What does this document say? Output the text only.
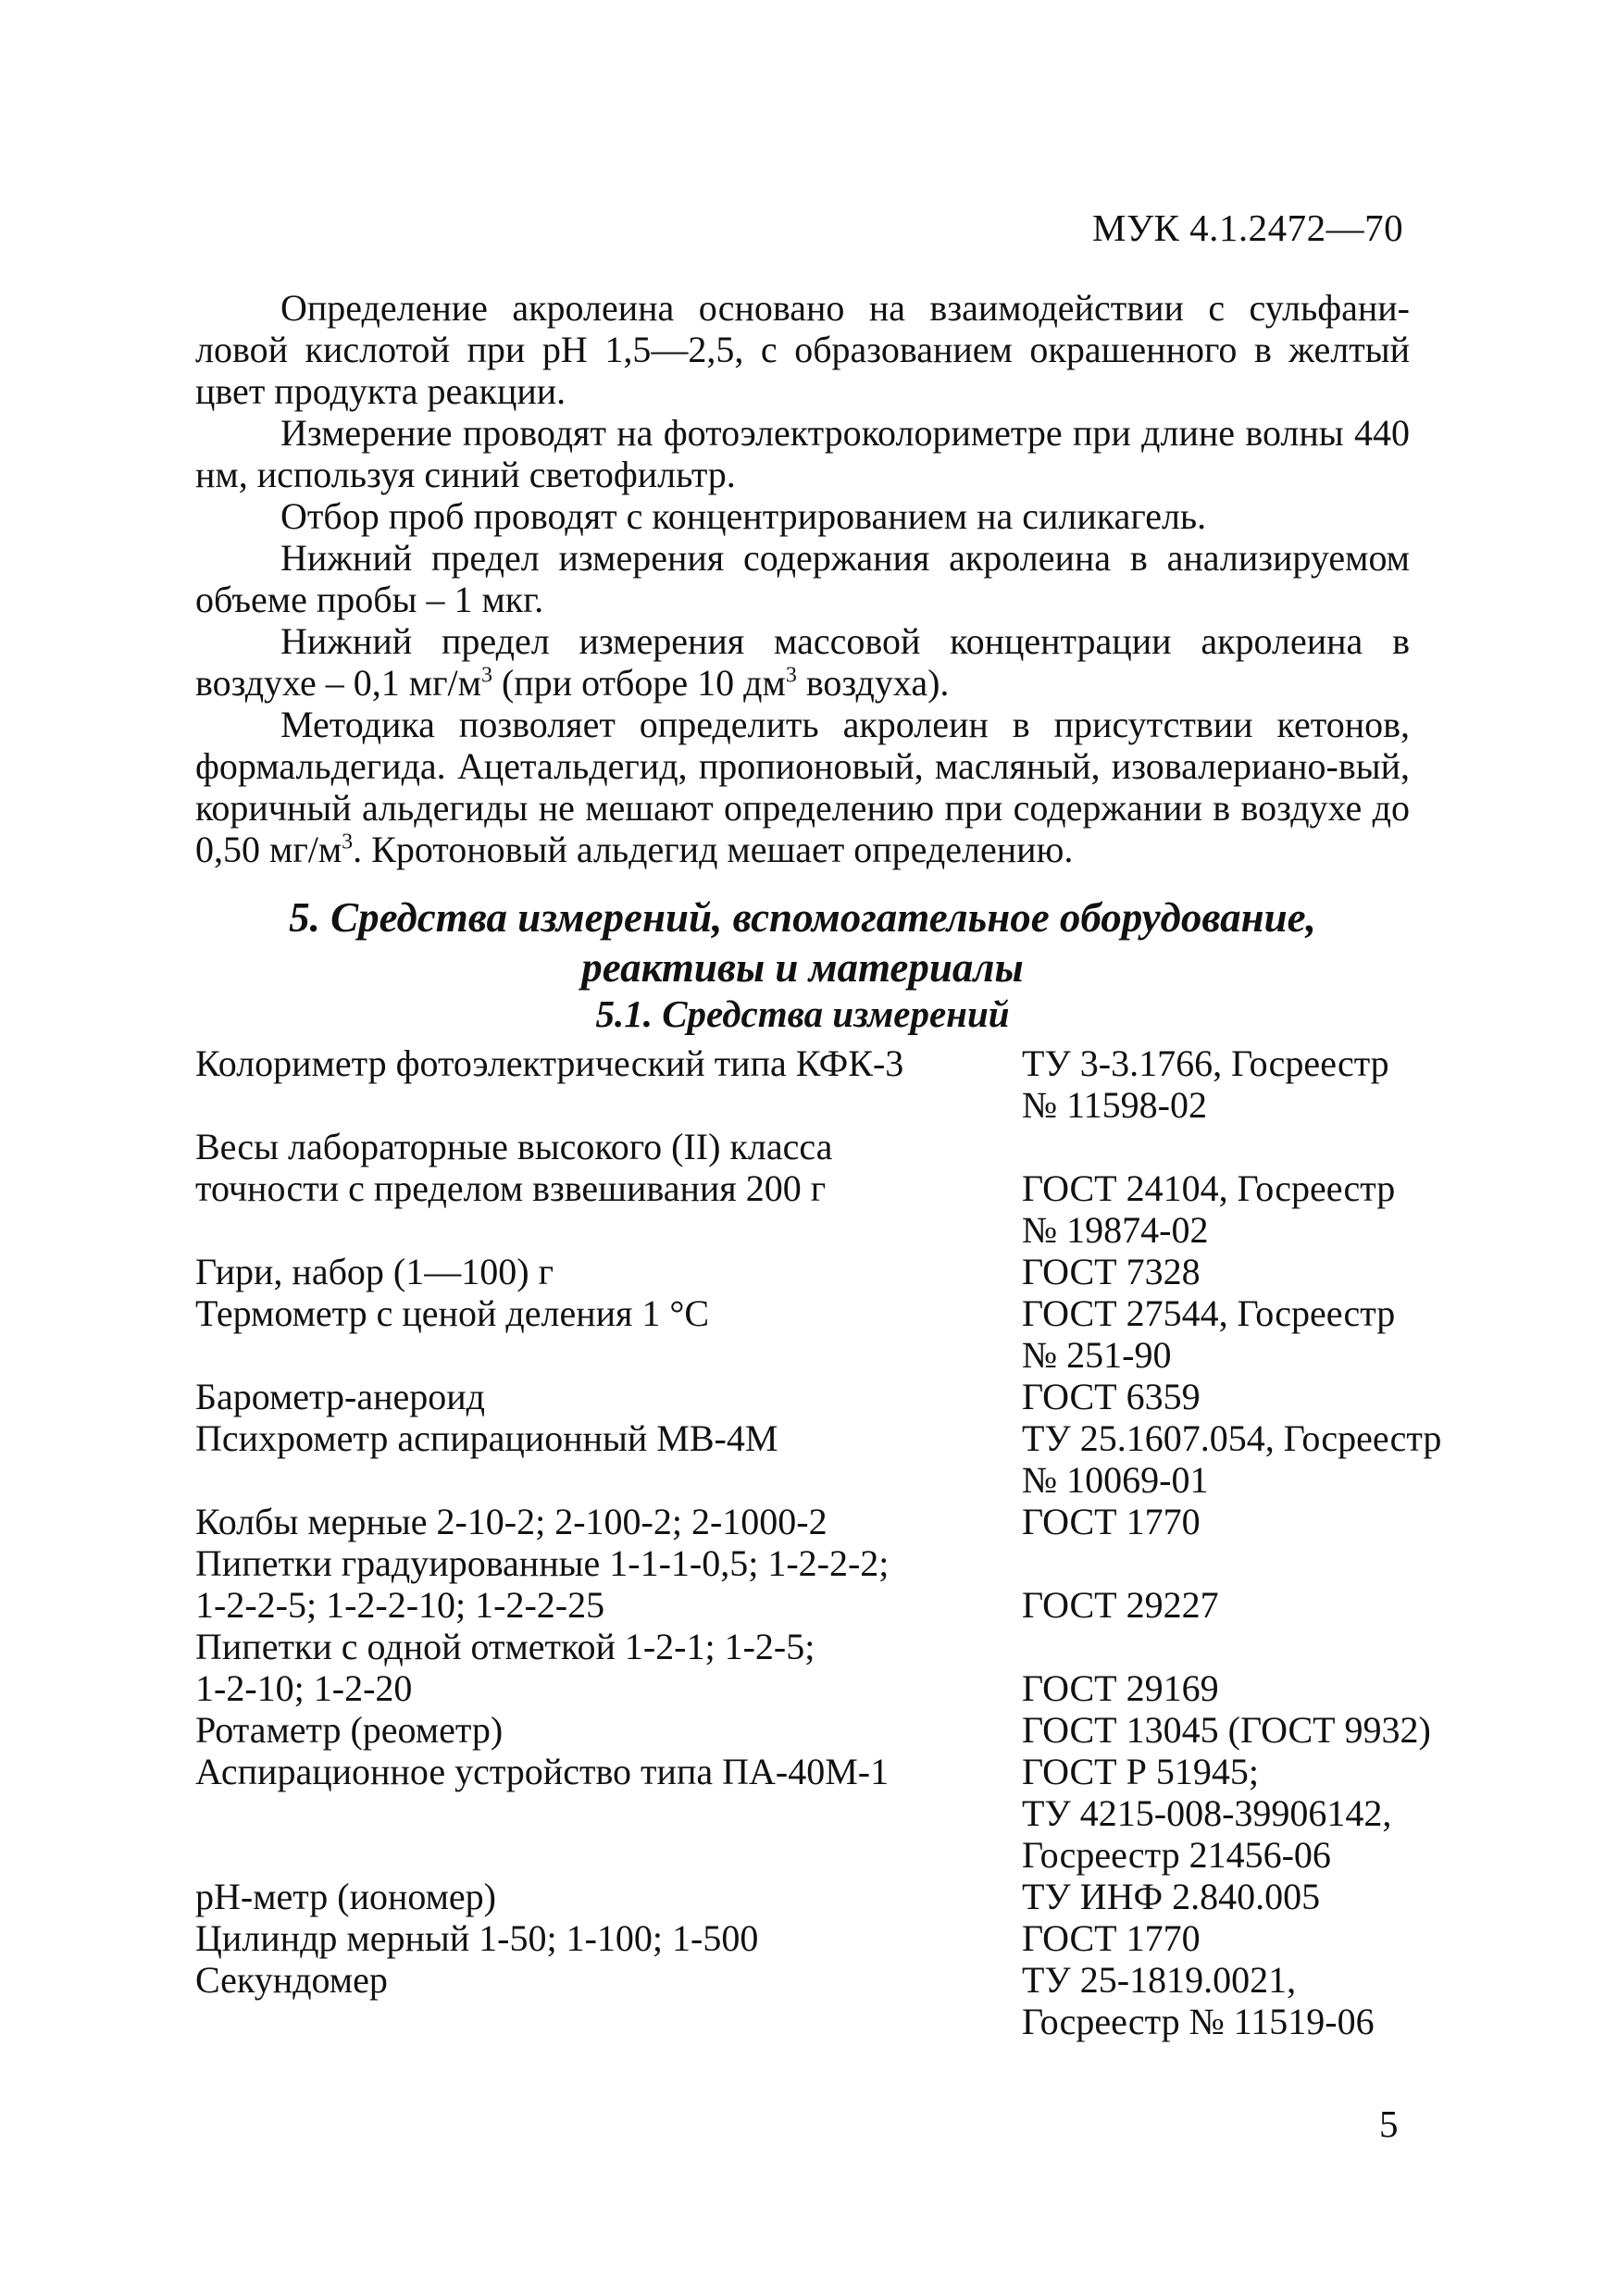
МУК 4.1.2472—70

Определение акролеина основано на взаимодействии с сульфани-ловой кислотой при pH 1,5—2,5, с образованием окрашенного в желтый цвет продукта реакции.

Измерение проводят на фотоэлектроколориметре при длине волны 440 нм, используя синий светофильтр.

Отбор проб проводят с концентрированием на силикагель.

Нижний предел измерения содержания акролеина в анализируемом объеме пробы – 1 мкг.

Нижний предел измерения массовой концентрации акролеина в воздухе – 0,1 $мг/м^3$ (при отборе 10 $дм^3$ воздуха).

Методика позволяет определить акролеин в присутствии кетонов, формальдегида. Ацетальдегид, пропионовый, масляный, изовалериано-вый, коричный альдегиды не мешают определению при содержании в воздухе до 0,50 $мг/м^3$. Кротоновый альдегид мешает определению.

5. Средства измерений, вспомогательное оборудование,
реактивы и материалы
5.1. Средства измерений
Колориметр фотоэлектрический типа КФК-3	ТУ 3-3.1766, Госреестр
№ 11598-02
Весы лабораторные высокого (II) класса
точности с пределом взвешивания 200 г	ГОСТ 24104, Госреестр
№ 19874-02
Гири, набор (1—100) г	ГОСТ 7328
Термометр с ценой деления 1 °С	ГОСТ 27544, Госреестр
№ 251-90
Барометр-анероид	ГОСТ 6359
Психрометр аспирационный МВ-4М	ТУ 25.1607.054, Госреестр
№ 10069-01
Колбы мерные 2-10-2; 2-100-2; 2-1000-2	ГОСТ 1770
Пипетки градуированные 1-1-1-0,5; 1-2-2-2;
1-2-2-5; 1-2-2-10; 1-2-2-25	ГОСТ 29227
Пипетки с одной отметкой 1-2-1; 1-2-5;
1-2-10; 1-2-20	ГОСТ 29169
Ротаметр (реометр)	ГОСТ 13045 (ГОСТ 9932)
Аспирационное устройство типа ПА-40М-1	ГОСТ Р 51945;
ТУ 4215-008-39906142,
Госреестр 21456-06
pH-метр (иономер)	ТУ ИНФ 2.840.005
Цилиндр мерный 1-50; 1-100; 1-500	ГОСТ 1770
Секундомер	ТУ 25-1819.0021,
Госреестр № 11519-06
5
